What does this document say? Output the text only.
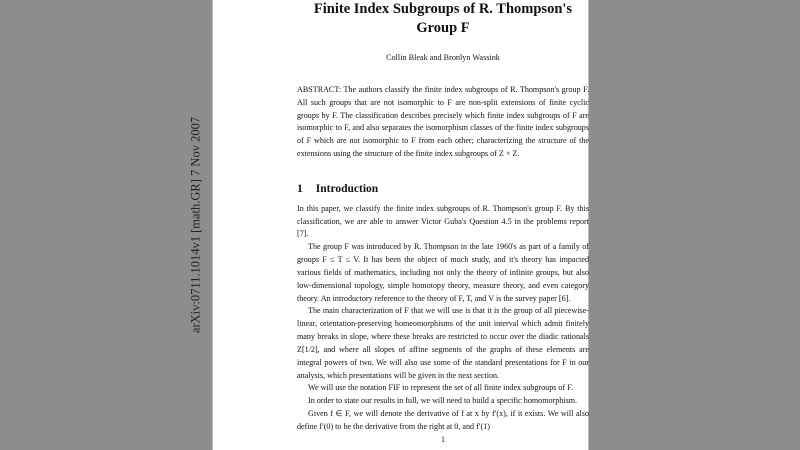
arXiv:0711.1014v1 [math.GR] 7 Nov 2007
Finite Index Subgroups of R. Thompson's
Group F
Collin Bleak and Bronlyn Wassink
ABSTRACT: The authors classify the finite index subgroups of R. Thompson's group F. All such groups that are not isomorphic to F are non-split extensions of finite cyclic groups by F. The classification describes precisely which finite index subgroups of F are isomorphic to F, and also separates the isomorphism classes of the finite index subgroups of F which are not isomorphic to F from each other; characterizing the structure of the extensions using the structure of the finite index subgroups of Z × Z.
1 Introduction

In this paper, we classify the finite index subgroups of R. Thompson's group F. By this classification, we are able to answer Victor Guba's Question 4.5 in the problems report [7].

The group F was introduced by R. Thompson in the late 1960's as part of a family of groups F ≤ T ≤ V. It has been the object of much study, and it's theory has impacted various fields of mathematics, including not only the theory of infinite groups, but also low-dimensional topology, simple homotopy theory, measure theory, and even category theory. An introductory reference to the theory of F, T, and V is the survey paper [6].

The main characterization of F that we will use is that it is the group of all piecewise-linear, orientation-preserving homeomorphisms of the unit interval which admit finitely many breaks in slope, where these breaks are restricted to occur over the diadic rationals Z[1/2], and where all slopes of affine segments of the graphs of these elements are integral powers of two. We will also use some of the standard presentations for F in our analysis, which presentations will be given in the next section.

We will use the notation FIF to represent the set of all finite index subgroups of F.

In order to state our results in full, we will need to build a specific homomorphism.

Given f ∈ F, we will denote the derivative of f at x by f′(x), if it exists. We will also define f′(0) to be the derivative from the right at 0, and f′(1)

1
